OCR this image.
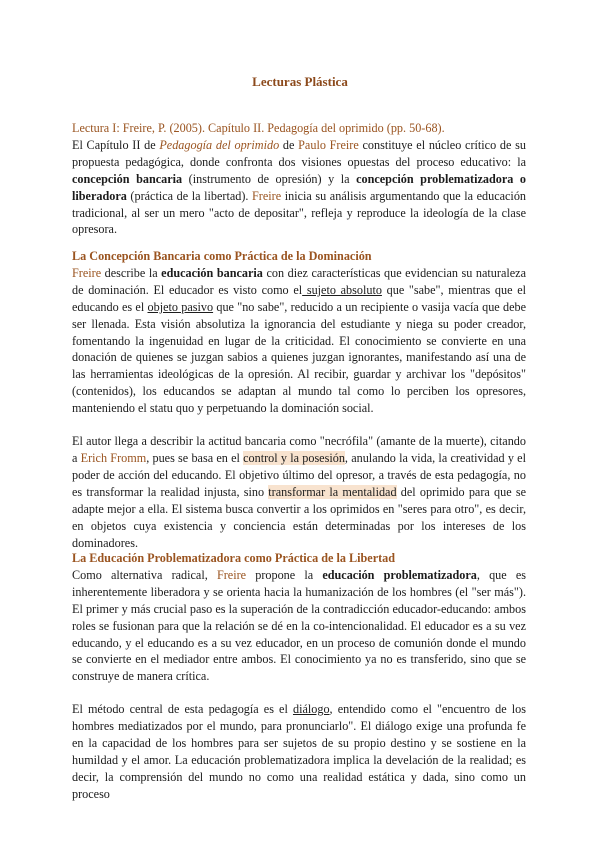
Lecturas Plástica

Lectura I: Freire, P. (2005). Capítulo II. Pedagogía del oprimido (pp. 50-68).

El Capítulo II de Pedagogía del oprimido de Paulo Freire constituye el núcleo crítico de su propuesta pedagógica, donde confronta dos visiones opuestas del proceso educativo: la concepción bancaria (instrumento de opresión) y la concepción problematizadora o liberadora (práctica de la libertad). Freire inicia su análisis argumentando que la educación tradicional, al ser un mero "acto de depositar", refleja y reproduce la ideología de la clase opresora.

La Concepción Bancaria como Práctica de la Dominación

Freire describe la educación bancaria con diez características que evidencian su naturaleza de dominación. El educador es visto como el sujeto absoluto que "sabe", mientras que el educando es el objeto pasivo que "no sabe", reducido a un recipiente o vasija vacía que debe ser llenada. Esta visión absolutiza la ignorancia del estudiante y niega su poder creador, fomentando la ingenuidad en lugar de la criticidad. El conocimiento se convierte en una donación de quienes se juzgan sabios a quienes juzgan ignorantes, manifestando así una de las herramientas ideológicas de la opresión. Al recibir, guardar y archivar los "depósitos" (contenidos), los educandos se adaptan al mundo tal como lo perciben los opresores, manteniendo el statu quo y perpetuando la dominación social.

El autor llega a describir la actitud bancaria como "necrófila" (amante de la muerte), citando a Erich Fromm, pues se basa en el control y la posesión, anulando la vida, la creatividad y el poder de acción del educando. El objetivo último del opresor, a través de esta pedagogía, no es transformar la realidad injusta, sino transformar la mentalidad del oprimido para que se adapte mejor a ella. El sistema busca convertir a los oprimidos en "seres para otro", es decir, en objetos cuya existencia y conciencia están determinadas por los intereses de los dominadores.

La Educación Problematizadora como Práctica de la Libertad

Como alternativa radical, Freire propone la educación problematizadora, que es inherentemente liberadora y se orienta hacia la humanización de los hombres (el "ser más"). El primer y más crucial paso es la superación de la contradicción educador-educando: ambos roles se fusionan para que la relación se dé en la co-intencionalidad. El educador es a su vez educando, y el educando es a su vez educador, en un proceso de comunión donde el mundo se convierte en el mediador entre ambos. El conocimiento ya no es transferido, sino que se construye de manera crítica.

El método central de esta pedagogía es el diálogo, entendido como el "encuentro de los hombres mediatizados por el mundo, para pronunciarlo". El diálogo exige una profunda fe en la capacidad de los hombres para ser sujetos de su propio destino y se sostiene en la humildad y el amor. La educación problematizadora implica la develación de la realidad; es decir, la comprensión del mundo no como una realidad estática y dada, sino como un proceso
